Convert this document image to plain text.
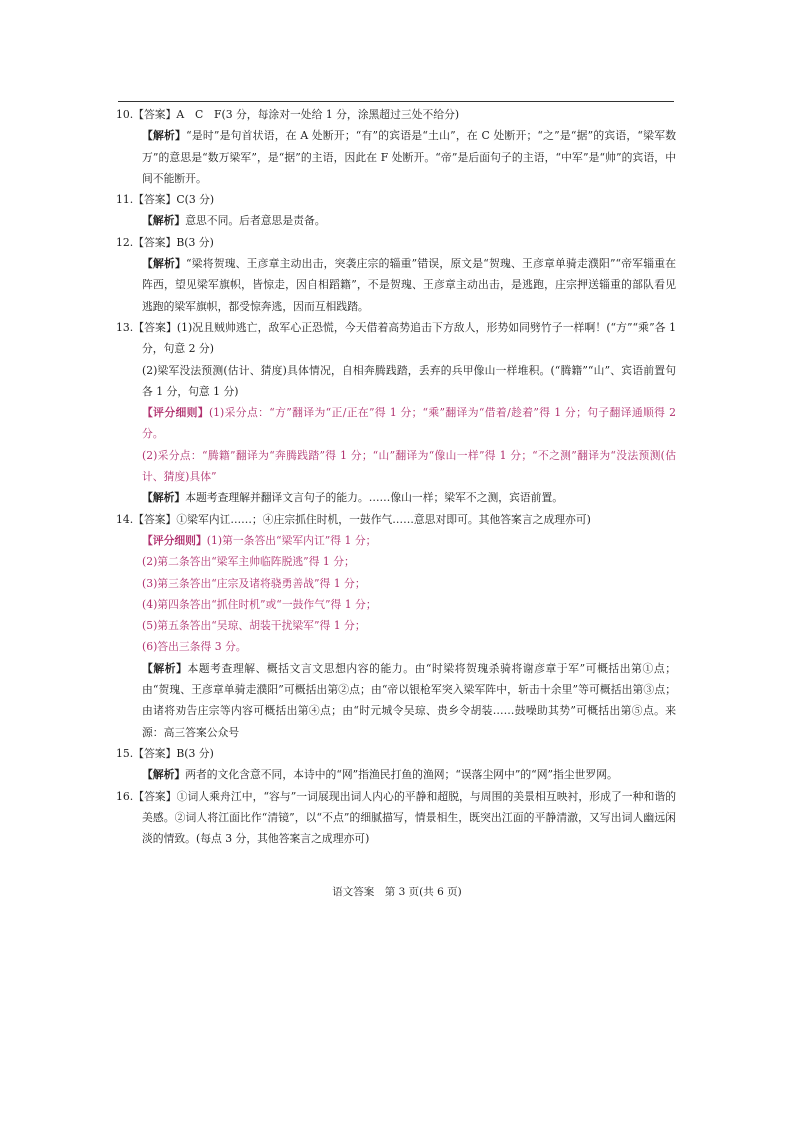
10.【答案】A　C　F(3 分，每涂对一处给 1 分，涂黑超过三处不给分)

【解析】“是时”是句首状语，在 A 处断开；“有”的宾语是“土山”，在 C 处断开；“之”是“据”的宾语，“梁军数万”的意思是“数万梁军”，是“据”的主语，因此在 F 处断开。“帝”是后面句子的主语，“中军”是“帅”的宾语，中间不能断开。

11.【答案】C(3 分)

【解析】意思不同。后者意思是责备。

12.【答案】B(3 分)

【解析】“梁将贺瑰、王彦章主动出击，突袭庄宗的辎重”错误，原文是“贺瑰、王彦章单骑走濮阳”“帝军辎重在阵西，望见梁军旗帜，皆惊走，因自相蹈籍”，不是贺瑰、王彦章主动出击，是逃跑，庄宗押送辎重的部队看见逃跑的梁军旗帜，都受惊奔逃，因而互相践踏。

13.【答案】(1)况且贼帅逃亡，敌军心正恐慌，今天借着高势追击下方敌人，形势如同劈竹子一样啊！(“方”“乘”各 1 分，句意 2 分)

(2)梁军没法预测(估计、猜度)具体情况，自相奔腾践踏，丢弃的兵甲像山一样堆积。(“腾籍”“山”、宾语前置句各 1 分，句意 1 分)

【评分细则】(1)采分点：“方”翻译为“正/正在”得 1 分；“乘”翻译为“借着/趁着”得 1 分；句子翻译通顺得 2 分。

(2)采分点：“腾籍”翻译为“奔腾践踏”得 1 分；“山”翻译为“像山一样”得 1 分；“不之测”翻译为“没法预测(估计、猜度)具体”

【解析】本题考查理解并翻译文言句子的能力。……像山一样；梁军不之测，宾语前置。

14.【答案】①梁军内讧……；④庄宗抓住时机，一鼓作气……意思对即可。其他答案言之成理亦可)

【评分细则】(1)第一条答出“梁军内讧”得 1 分；

(2)第二条答出“梁军主帅临阵脱逃”得 1 分；

(3)第三条答出“庄宗及诸将骁勇善战”得 1 分；

(4)第四条答出“抓住时机”或“一鼓作气”得 1 分；

(5)第五条答出“吴琼、胡装干扰梁军”得 1 分；

(6)答出三条得 3 分。

【解析】本题考查理解、概括文言文思想内容的能力。由“时梁将贺瑰杀骑将谢彦章于军”可概括出第①点；由“贺瑰、王彦章单骑走濮阳”可概括出第②点；由“帝以银枪军突入梁军阵中，斩击十余里”等可概括出第③点；由诸将劝告庄宗等内容可概括出第④点；由“时元城令吴琼、贵乡令胡装……鼓噪助其势”可概括出第⑤点。来源：高三答案公众号

15.【答案】B(3 分)

【解析】两者的文化含意不同，本诗中的“网”指渔民打鱼的渔网；“误落尘网中”的“网”指尘世罗网。

16.【答案】①词人乘舟江中，“容与”一词展现出词人内心的平静和超脱，与周围的美景相互映衬，形成了一种和谐的美感。②词人将江面比作“清镜”，以“不点”的细腻描写，情景相生，既突出江面的平静清澈，又写出词人幽远闲淡的情致。(每点 3 分，其他答案言之成理亦可)

语文答案　第 3 页(共 6 页)
